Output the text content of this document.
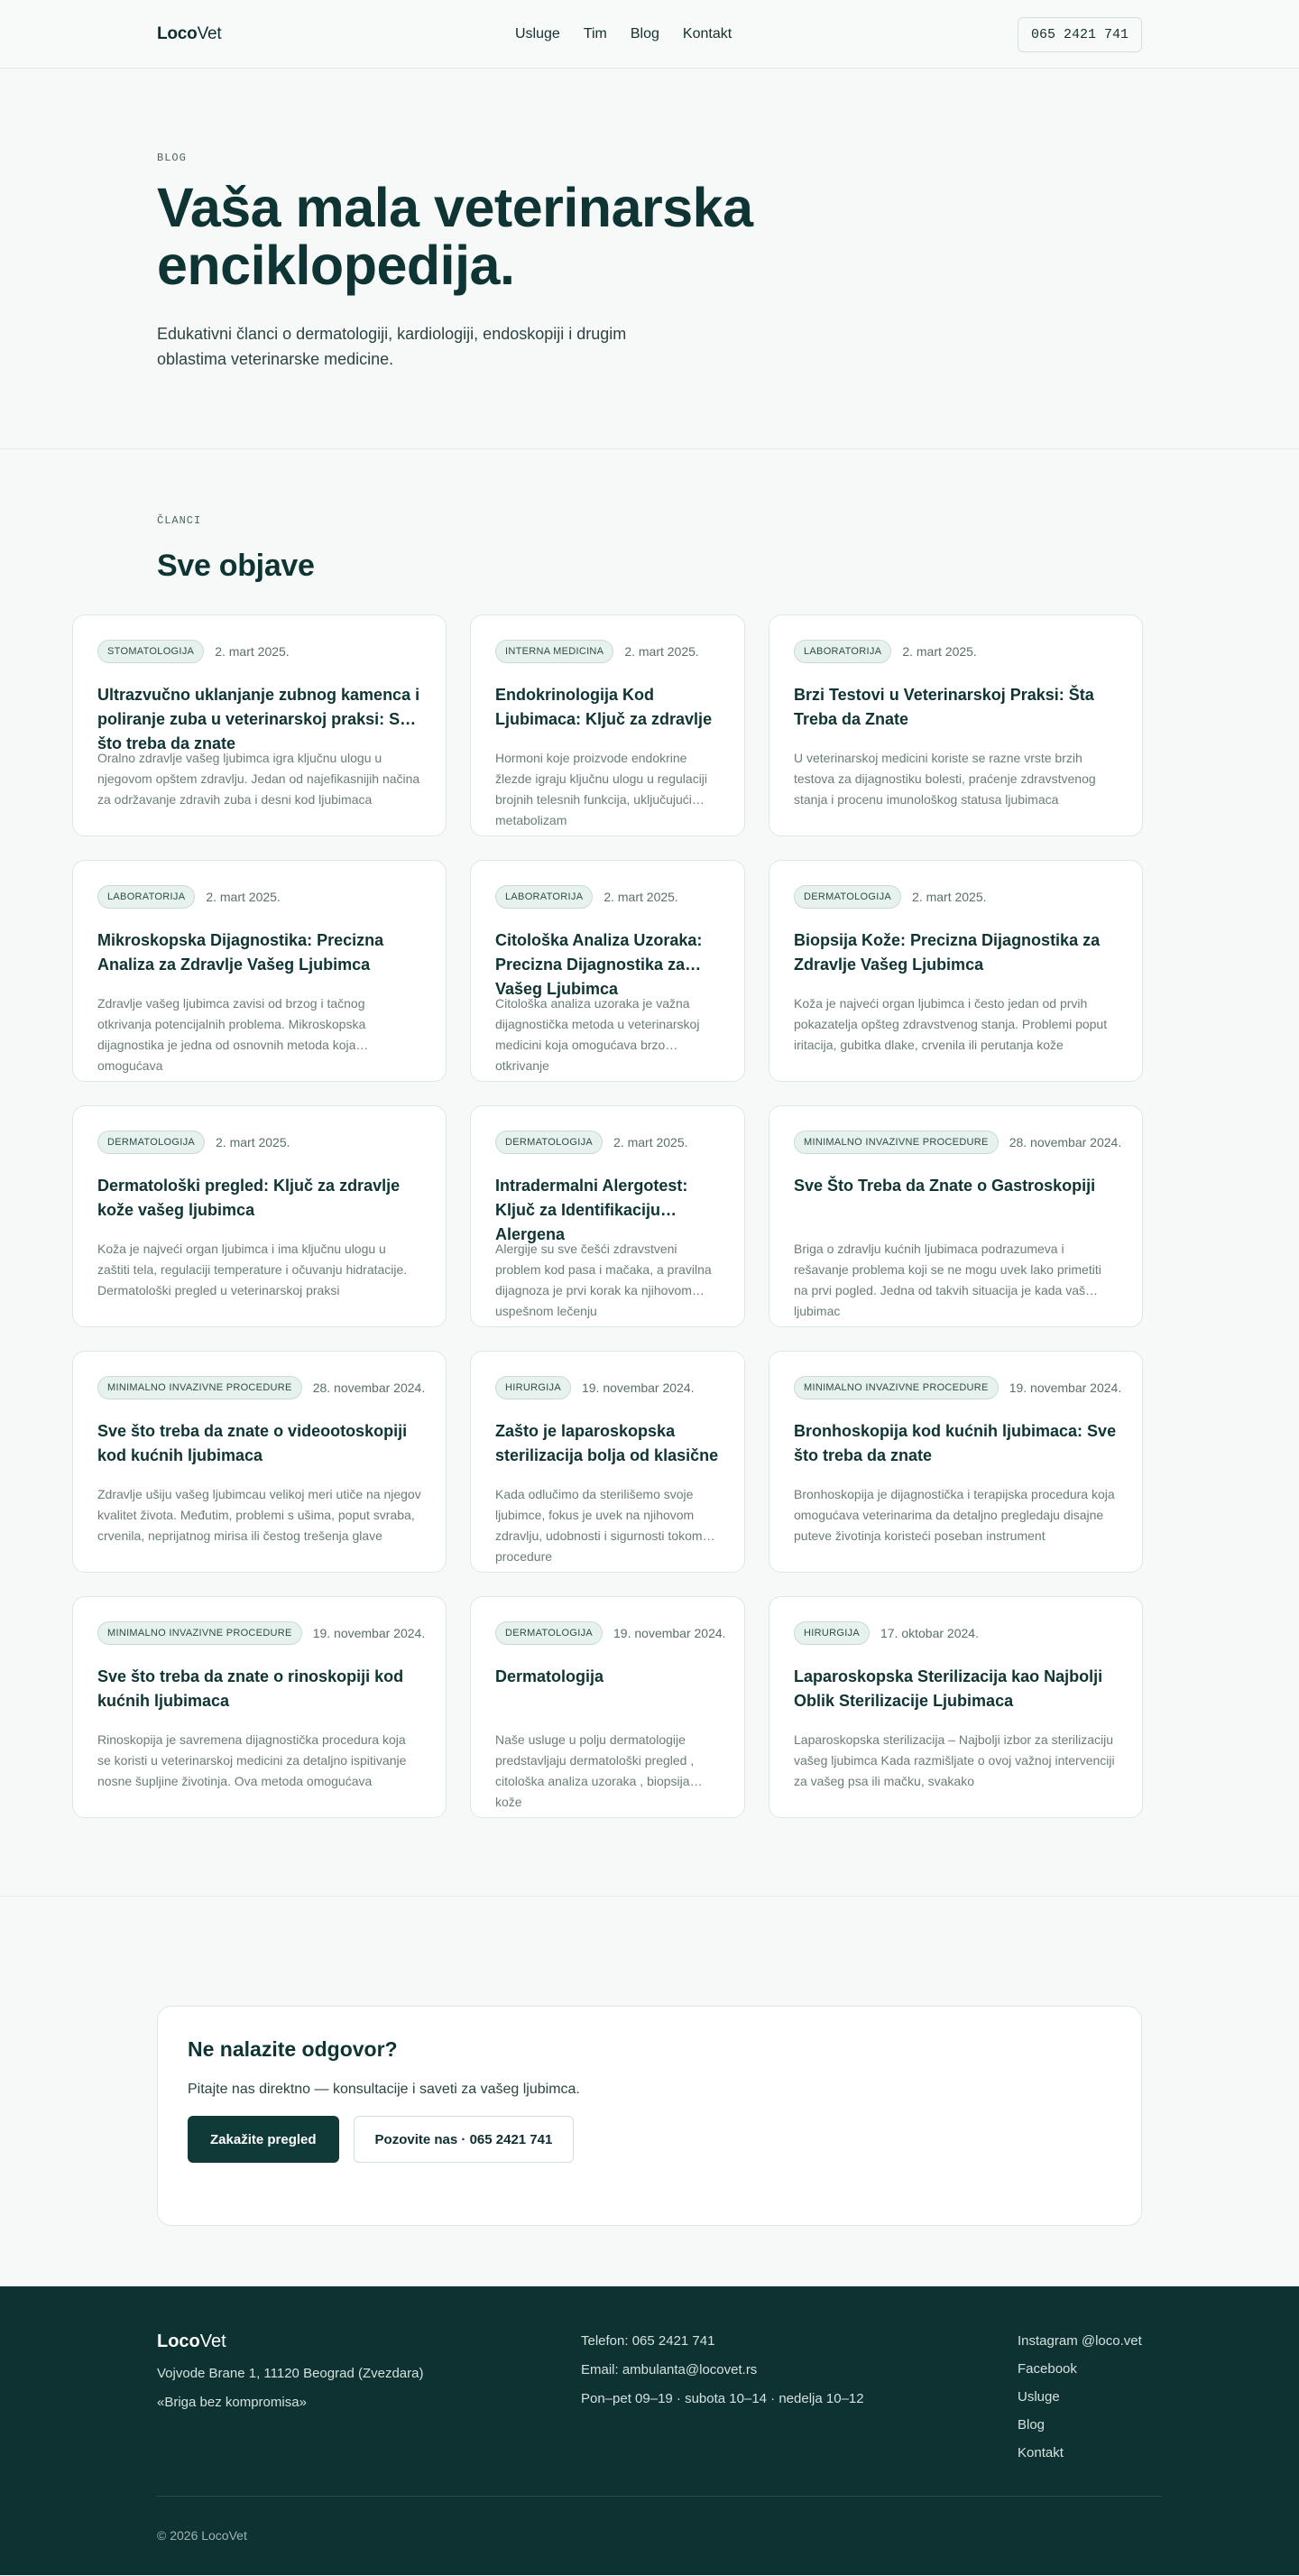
LocoVet	Usluge Tim Blog Kontakt	065 2421 741
BLOG
Vaša mala veterinarska enciklopedija.

Edukativni članci o dermatologiji, kardiologiji, endoskopiji i drugim oblastima veterinarske medicine.

ČLANCI
Sve objave
STOMATOLOGIJA	2. mart 2025.
Ultrazvučno uklanjanje zubnog kamenca i poliranje zuba u veterinarskoj praksi: Sve što treba da znate

Oralno zdravlje vašeg ljubimca igra ključnu ulogu u njegovom opštem zdravlju. Jedan od najefikasnijih načina za održavanje zdravih zuba i desni kod ljubimaca

INTERNA MEDICINA	2. mart 2025.
Endokrinologija Kod Ljubimaca: Ključ za zdravlje

Hormoni koje proizvode endokrine žlezde igraju ključnu ulogu u regulaciji brojnih telesnih funkcija, uključujući metabolizam

LABORATORIJA	2. mart 2025.
Brzi Testovi u Veterinarskoj Praksi: Šta Treba da Znate

U veterinarskoj medicini koriste se razne vrste brzih testova za dijagnostiku bolesti, praćenje zdravstvenog stanja i procenu imunološkog statusa ljubimaca

LABORATORIJA	2. mart 2025.
Mikroskopska Dijagnostika: Precizna Analiza za Zdravlje Vašeg Ljubimca

Zdravlje vašeg ljubimca zavisi od brzog i tačnog otkrivanja potencijalnih problema. Mikroskopska dijagnostika je jedna od osnovnih metoda koja omogućava

LABORATORIJA	2. mart 2025.
Citološka Analiza Uzoraka: Precizna Dijagnostika za Vašeg Ljubimca

Citološka analiza uzoraka je važna dijagnostička metoda u veterinarskoj medicini koja omogućava brzo otkrivanje

DERMATOLOGIJA	2. mart 2025.
Biopsija Kože: Precizna Dijagnostika za Zdravlje Vašeg Ljubimca

Koža je najveći organ ljubimca i često jedan od prvih pokazatelja opšteg zdravstvenog stanja. Problemi poput iritacija, gubitka dlake, crvenila ili perutanja kože

DERMATOLOGIJA	2. mart 2025.
Dermatološki pregled: Ključ za zdravlje kože vašeg ljubimca

Koža je najveći organ ljubimca i ima ključnu ulogu u zaštiti tela, regulaciji temperature i očuvanju hidratacije. Dermatološki pregled u veterinarskoj praksi

DERMATOLOGIJA	2. mart 2025.
Intradermalni Alergotest: Ključ za Identifikaciju Alergena

Alergije su sve češći zdravstveni problem kod pasa i mačaka, a pravilna dijagnoza je prvi korak ka njihovom uspešnom lečenju

MINIMALNO INVAZIVNE PROCEDURE	28. novembar 2024.
Sve Što Treba da Znate o Gastroskopiji

Briga o zdravlju kućnih ljubimaca podrazumeva i rešavanje problema koji se ne mogu uvek lako primetiti na prvi pogled. Jedna od takvih situacija je kada vaš ljubimac

MINIMALNO INVAZIVNE PROCEDURE	28. novembar 2024.
Sve što treba da znate o videootoskopiji kod kućnih ljubimaca

Zdravlje ušiju vašeg ljubimcau velikoj meri utiče na njegov kvalitet života. Međutim, problemi s ušima, poput svraba, crvenila, neprijatnog mirisa ili čestog trešenja glave

HIRURGIJA	19. novembar 2024.
Zašto je laparoskopska sterilizacija bolja od klasične

Kada odlučimo da sterilišemo svoje ljubimce, fokus je uvek na njihovom zdravlju, udobnosti i sigurnosti tokom procedure

MINIMALNO INVAZIVNE PROCEDURE	19. novembar 2024.
Bronhoskopija kod kućnih ljubimaca: Sve što treba da znate

Bronhoskopija je dijagnostička i terapijska procedura koja omogućava veterinarima da detaljno pregledaju disajne puteve životinja koristeći poseban instrument

MINIMALNO INVAZIVNE PROCEDURE	19. novembar 2024.
Sve što treba da znate o rinoskopiji kod kućnih ljubimaca

Rinoskopija je savremena dijagnostička procedura koja se koristi u veterinarskoj medicini za detaljno ispitivanje nosne šupljine životinja. Ova metoda omogućava

DERMATOLOGIJA	19. novembar 2024.
Dermatologija

Naše usluge u polju dermatologije predstavljaju dermatološki pregled , citološka analiza uzoraka , biopsija kože

HIRURGIJA	17. oktobar 2024.
Laparoskopska Sterilizacija kao Najbolji Oblik Sterilizacije Ljubimaca

Laparoskopska sterilizacija – Najbolji izbor za sterilizaciju vašeg ljubimca Kada razmišljate o ovoj važnoj intervenciji za vašeg psa ili mačku, svakako

Ne nalazite odgovor?

Pitajte nas direktno — konsultacije i saveti za vašeg ljubimca.

Zakažite pregled	Pozovite nas · 065 2421 741
LocoVet
Vojvode Brane 1, 11120 Beograd (Zvezdara)
«Briga bez kompromisa»
Telefon: 065 2421 741
Email: ambulanta@locovet.rs
Pon–pet 09–19 · subota 10–14 · nedelja 10–12
Instagram @loco.vet
Facebook
Usluge
Blog
Kontakt
© 2026 LocoVet
